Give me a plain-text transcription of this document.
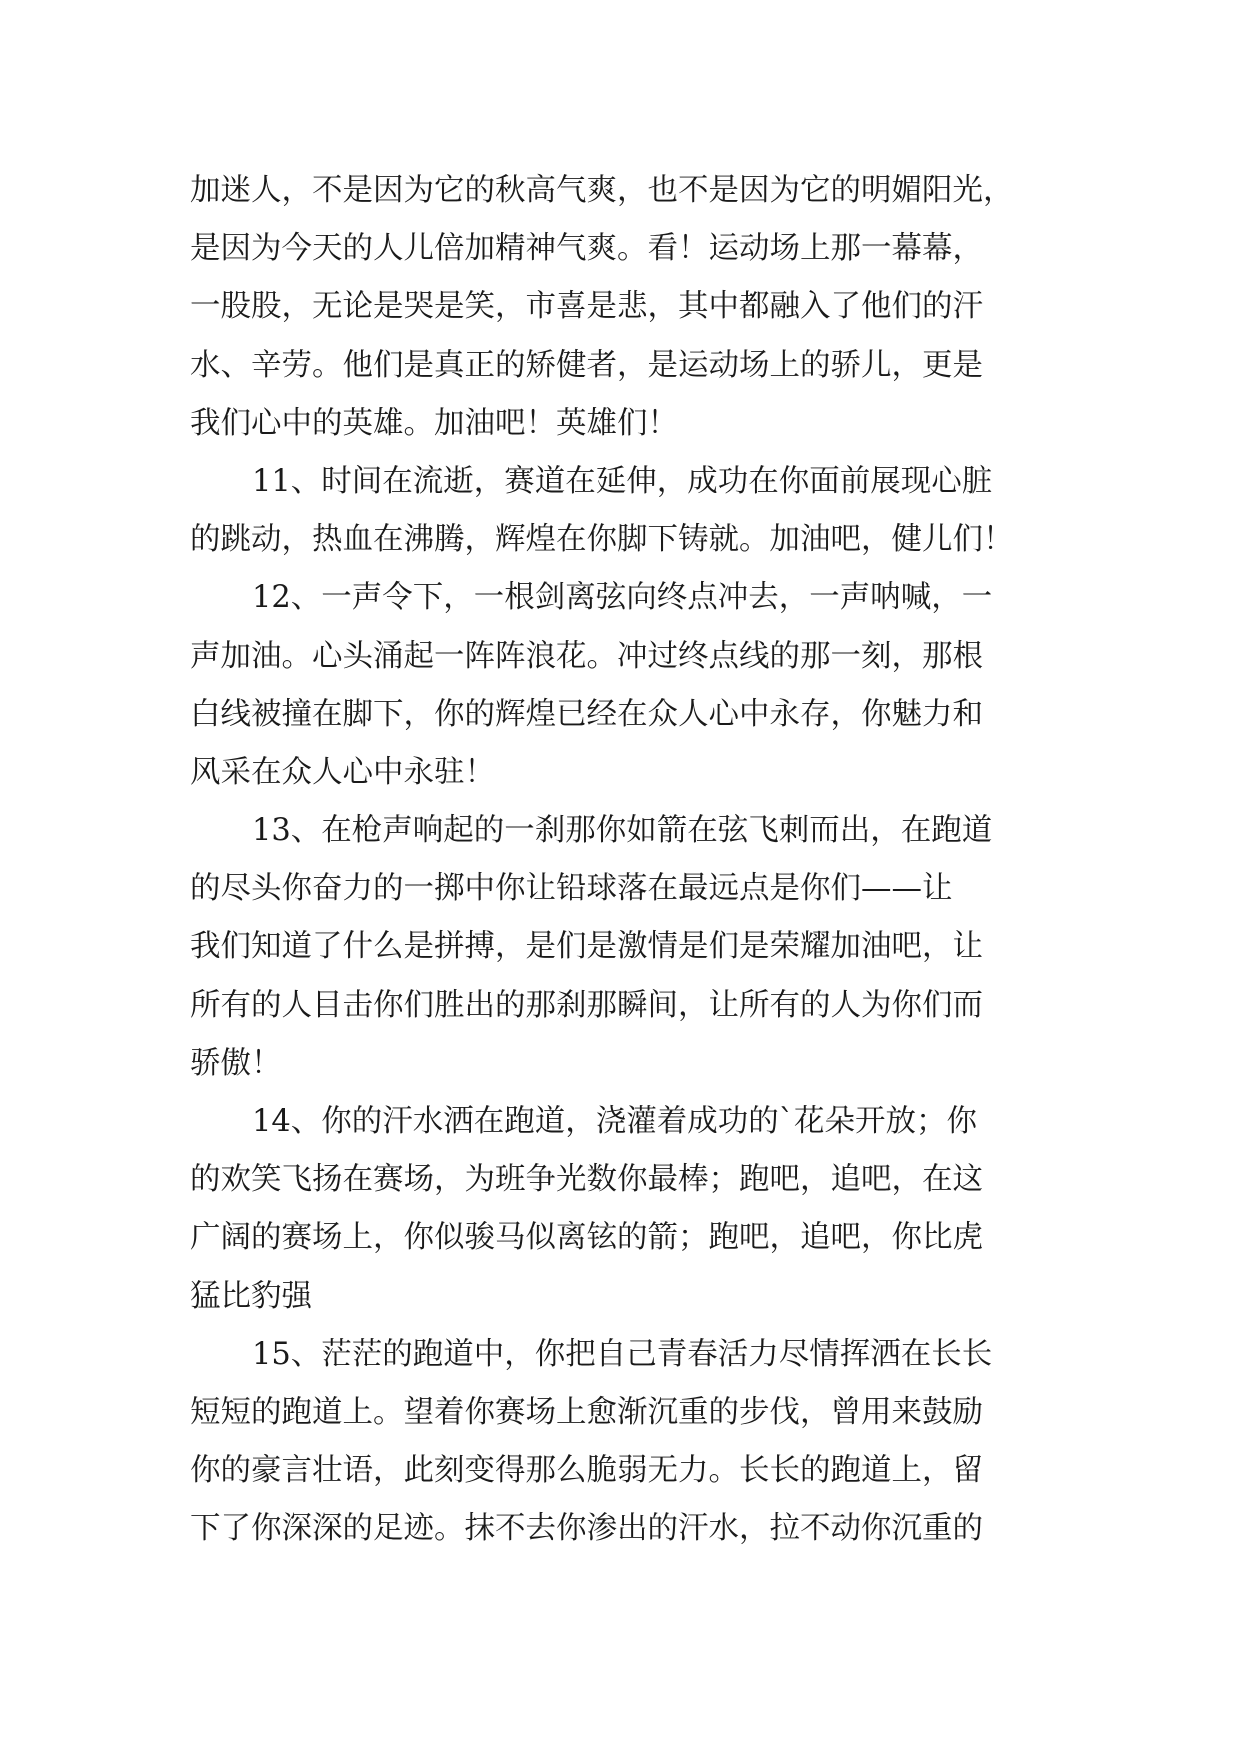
加迷人，不是因为它的秋高气爽，也不是因为它的明媚阳光，
是因为今天的人儿倍加精神气爽。看！运动场上那一幕幕，
一股股，无论是哭是笑，市喜是悲，其中都融入了他们的汗
水、辛劳。他们是真正的矫健者，是运动场上的骄儿，更是
我们心中的英雄。加油吧！英雄们！
11、时间在流逝，赛道在延伸，成功在你面前展现心脏
的跳动，热血在沸腾，辉煌在你脚下铸就。加油吧，健儿们！
12、一声令下，一根剑离弦向终点冲去，一声呐喊，一
声加油。心头涌起一阵阵浪花。冲过终点线的那一刻，那根
白线被撞在脚下，你的辉煌已经在众人心中永存，你魅力和
风采在众人心中永驻！
13、在枪声响起的一刹那你如箭在弦飞刺而出，在跑道
的尽头你奋力的一掷中你让铅球落在最远点是你们——让
我们知道了什么是拼搏，是们是激情是们是荣耀加油吧，让
所有的人目击你们胜出的那刹那瞬间，让所有的人为你们而
骄傲！
14、你的汗水洒在跑道，浇灌着成功的`花朵开放；你
的欢笑飞扬在赛场，为班争光数你最棒；跑吧，追吧，在这
广阔的赛场上，你似骏马似离铉的箭；跑吧，追吧，你比虎
猛比豹强
15、茫茫的跑道中，你把自己青春活力尽情挥洒在长长
短短的跑道上。望着你赛场上愈渐沉重的步伐，曾用来鼓励
你的豪言壮语，此刻变得那么脆弱无力。长长的跑道上，留
下了你深深的足迹。抹不去你渗出的汗水，拉不动你沉重的
